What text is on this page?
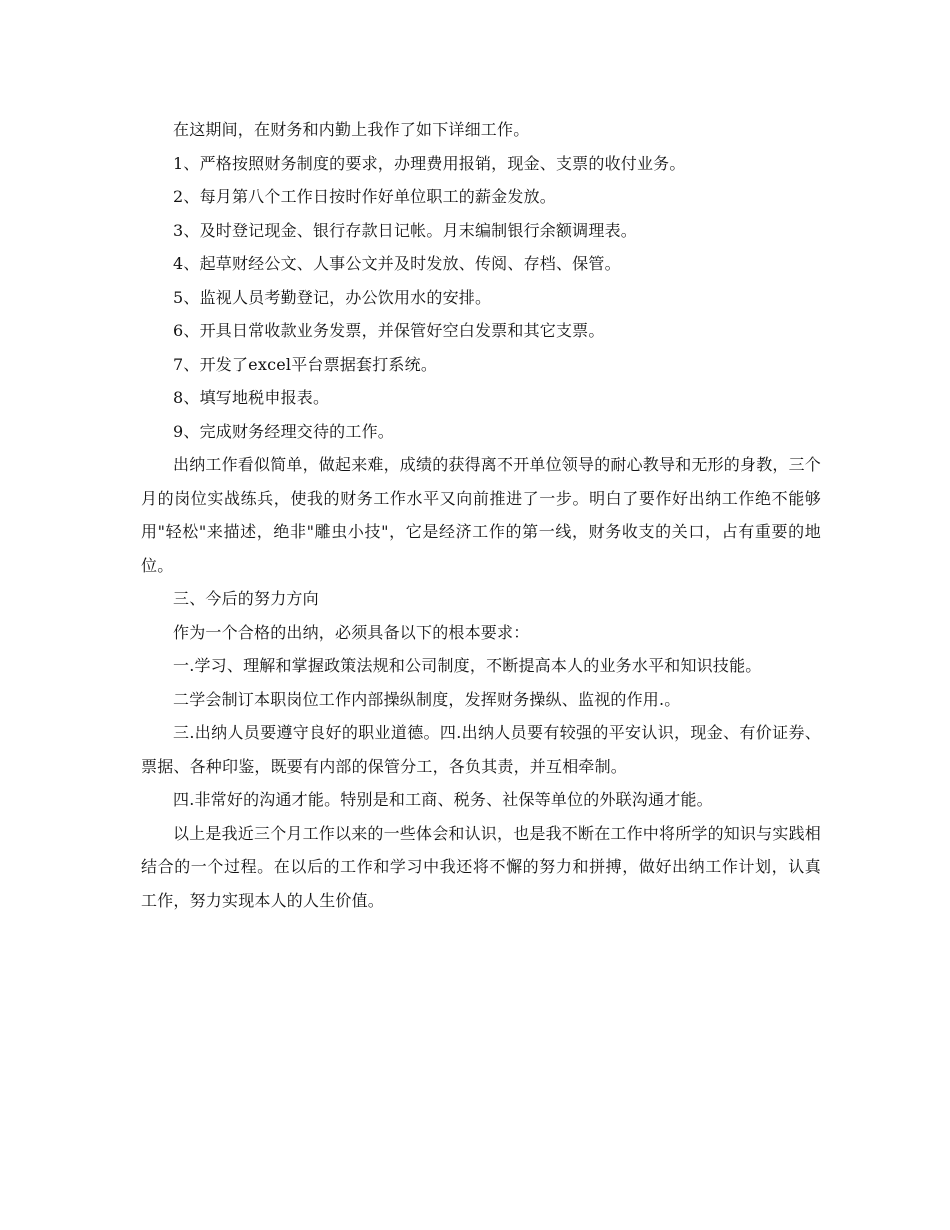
在这期间，在财务和内勤上我作了如下详细工作。

1、严格按照财务制度的要求，办理费用报销，现金、支票的收付业务。

2、每月第八个工作日按时作好单位职工的薪金发放。

3、及时登记现金、银行存款日记帐。月末编制银行余额调理表。

4、起草财经公文、人事公文并及时发放、传阅、存档、保管。

5、监视人员考勤登记，办公饮用水的安排。

6、开具日常收款业务发票，并保管好空白发票和其它支票。

7、开发了excel平台票据套打系统。

8、填写地税申报表。

9、完成财务经理交待的工作。

出纳工作看似简单，做起来难，成绩的获得离不开单位领导的耐心教导和无形的身教，三个月的岗位实战练兵，使我的财务工作水平又向前推进了一步。明白了要作好出纳工作绝不能够用"轻松"来描述，绝非"雕虫小技"，它是经济工作的第一线，财务收支的关口，占有重要的地位。

三、今后的努力方向

作为一个合格的出纳，必须具备以下的根本要求：

一.学习、理解和掌握政策法规和公司制度，不断提高本人的业务水平和知识技能。

二学会制订本职岗位工作内部操纵制度，发挥财务操纵、监视的作用.。

三.出纳人员要遵守良好的职业道德。四.出纳人员要有较强的平安认识，现金、有价证券、票据、各种印鉴，既要有内部的保管分工，各负其责，并互相牵制。

四.非常好的沟通才能。特别是和工商、税务、社保等单位的外联沟通才能。

以上是我近三个月工作以来的一些体会和认识，也是我不断在工作中将所学的知识与实践相结合的一个过程。在以后的工作和学习中我还将不懈的努力和拼搏，做好出纳工作计划，认真工作，努力实现本人的人生价值。
